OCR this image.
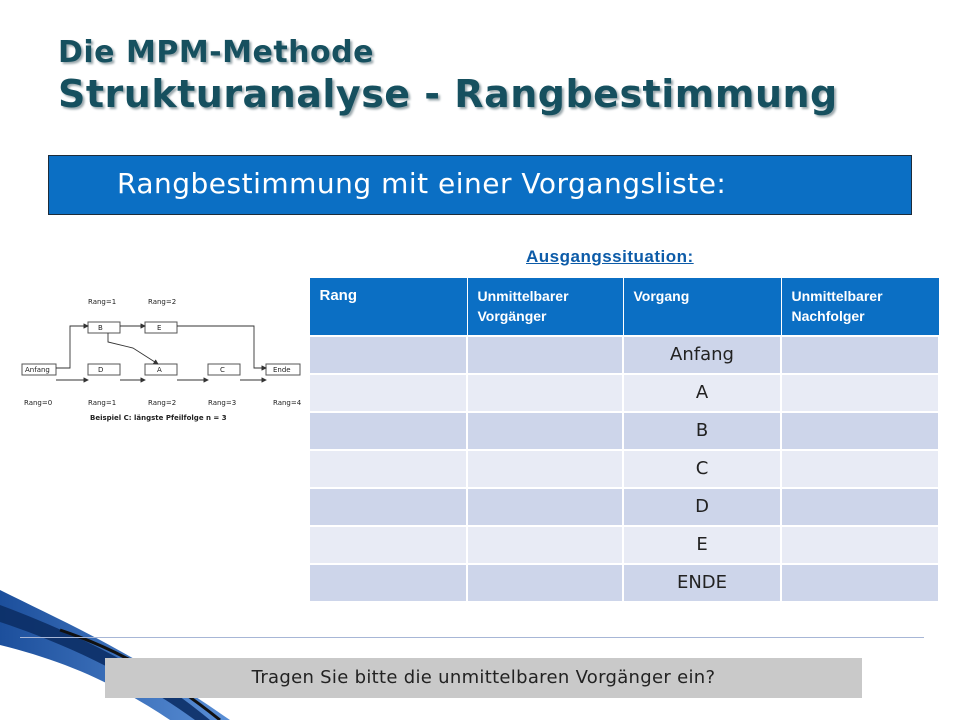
Die MPM-Methode
Strukturanalyse - Rangbestimmung
Rangbestimmung mit einer Vorgangsliste:
Ausgangssituation:
Rang=1	Rang=2
B	E
Anfang	D	A	C	Ende
Rang=0	Rang=1	Rang=2	Rang=3	Rang=4
Beispiel C: längste Pfeilfolge n = 3
Rang	Unmittelbarer Vorgänger	Vorgang	Unmittelbarer Nachfolger
		Anfang	
		A	
		B	
		C	
		D	
		E	
		ENDE	
Tragen Sie bitte die unmittelbaren Vorgänger ein?
